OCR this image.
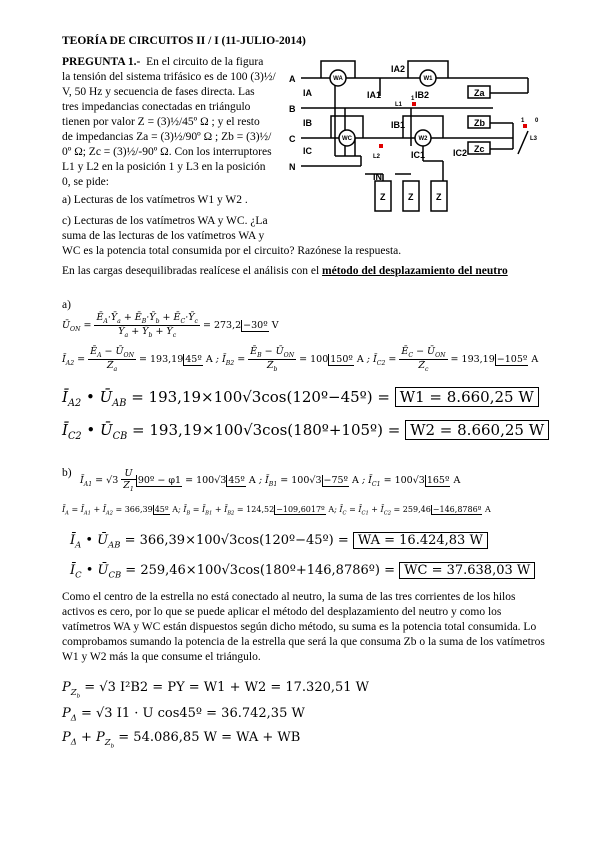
TEORÍA DE CIRCUITOS II / I (11-JULIO-2014)
PREGUNTA 1.- En el circuito de la figura
la tensión del sistema trifásico es de 100 (3)½/
V, 50 Hz y secuencia de fases directa. Las
tres impedancias conectadas en triángulo
tienen por valor Z = (3)½/45º Ω ; y el resto
de impedancias Za = (3)½/90º Ω ; Zb = (3)½/
0º Ω; Zc = (3)½/-90º Ω. Con los interruptores
L1 y L2 en la posición 1 y L3 en la posición
0, se pide:
a) Lecturas de los vatímetros W1 y W2 .
c) Lecturas de los vatímetros WA y WC. ¿La
suma de las lecturas de los vatímetros WA y
WC es la potencia total consumida por el circuito? Razónese la respuesta.
En las cargas desequilibradas realícese el análisis con el método del desplazamiento del neutro
WA	W1
WC	W2
A
B
C
N
IA
IB
IC
IN
IA1
IB1
IC1
IA2
IB2
IC2
Za
Zb
Zc
Z	Z	Z
L1
L2
L3
1
1 0
a)
$Ū_{ON} = \frac{Ē_A\cdot Ȳ_a + Ē_B\cdot Ȳ_b + Ē_C\cdot Ȳ_c}{Ȳ_a + Ȳ_b + Ȳ_c} = 273,2$ −30º V
$Ī_{A2} = \frac{Ē_A - Ū_{ON}}{Z̄_a} = 193,19$ 45º A ; $Ī_{B2} = \frac{Ē_B - Ū_{ON}}{Z̄_b} = 100$ 150º A ; $Ī_{C2} = \frac{Ē_C - Ū_{ON}}{Z̄_c} = 193,19$ −105º A
$Ī_{A2}$ • $Ū_{AB}$ = 193,19×100√3cos(120º−45º) = W1 = 8.660,25 W
$Ī_{C2}$ • $Ū_{CB}$ = 193,19×100√3cos(180º+105º) = W2 = 8.660,25 W
b)
$Ī_{A1} = √3 \frac{U}{Z_1}$ 90º − φ1 = 100√3 45º A ; $Ī_{B1} = 100√3$ −75º A ; $Ī_{C1} = 100√3$ 165º A
$Ī_A$ = $Ī_{A1}$ + $Ī_{A2} = 366,39$ 45º A; $Ī_B$ = $Ī_{B1}$ + $Ī_{B2} = 124,52$ −109,6017º A; $Ī_C$ = $Ī_{C1}$ + $Ī_{C2} = 259,46$ −146,8786º A
$Ī_A$ • $Ū_{AB}$ = 366,39×100√3cos(120º−45º) = WA = 16.424,83 W
$Ī_C$ • $Ū_{CB}$ = 259,46×100√3cos(180º+146,8786º) = WC = 37.638,03 W
Como el centro de la estrella no está conectado al neutro, la suma de las tres corrientes de los hilos
activos es cero, por lo que se puede aplicar el método del desplazamiento del neutro y como los
vatímetros WA y WC están dispuestos según dicho método, su suma es la potencia total consumida. Lo
comprobamos sumando la potencia de la estrella que será la que consuma Zb o la suma de los vatímetros
W1 y W2 más la que consume el triángulo.
$P_{Z_b} = √3$ I²B2 = PY = W1 + W2 = 17.320,51 W
$P_\Delta = √3$ I1 · U cos45º = 36.742,35 W
$P_\Delta + P_{Z_b} = 54.086,85$ W = WA + WB
